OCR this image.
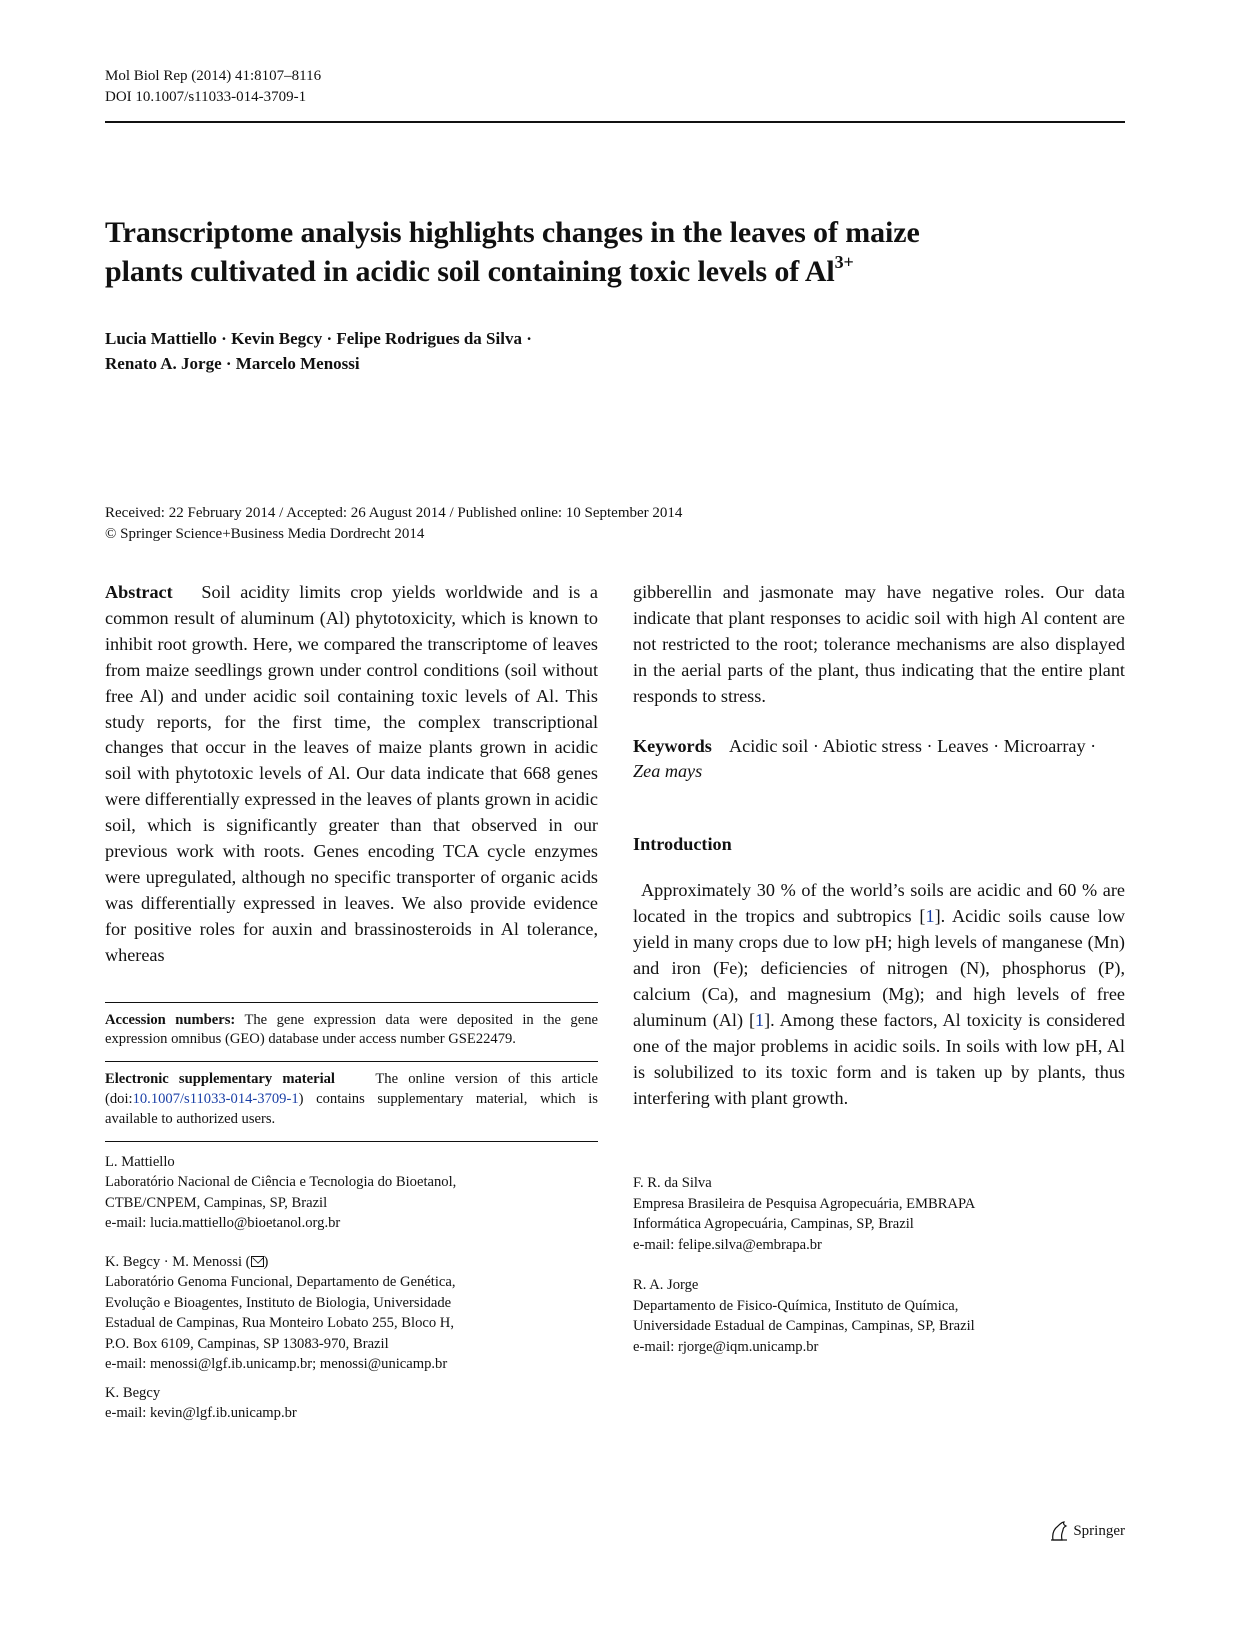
Mol Biol Rep (2014) 41:8107–8116
DOI 10.1007/s11033-014-3709-1
Transcriptome analysis highlights changes in the leaves of maize
plants cultivated in acidic soil containing toxic levels of $Al^{3+}$
Lucia Mattiello · Kevin Begcy · Felipe Rodrigues da Silva ·
Renato A. Jorge · Marcelo Menossi
Received: 22 February 2014 / Accepted: 26 August 2014 / Published online: 10 September 2014
© Springer Science+Business Media Dordrecht 2014

Abstract Soil acidity limits crop yields worldwide and is a common result of aluminum (Al) phytotoxicity, which is known to inhibit root growth. Here, we compared the transcriptome of leaves from maize seedlings grown under control conditions (soil without free Al) and under acidic soil containing toxic levels of Al. This study reports, for the first time, the complex transcriptional changes that occur in the leaves of maize plants grown in acidic soil with phytotoxic levels of Al. Our data indicate that 668 genes were differentially expressed in the leaves of plants grown in acidic soil, which is significantly greater than that observed in our previous work with roots. Genes encoding TCA cycle enzymes were upregulated, although no specific transporter of organic acids was differentially expressed in leaves. We also provide evidence for positive roles for auxin and brassinosteroids in Al tolerance, whereas

Accession numbers: The gene expression data were deposited in the gene expression omnibus (GEO) database under access number GSE22479.

Electronic supplementary material	The online version of this article (doi:10.1007/s11033-014-3709-1) contains supplementary material, which is available to authorized users.

L. Mattiello

Laboratório Nacional de Ciência e Tecnologia do Bioetanol,

CTBE/CNPEM, Campinas, SP, Brazil

e-mail: lucia.mattiello@bioetanol.org.br

K. Begcy · M. Menossi ( )

Laboratório Genoma Funcional, Departamento de Genética,

Evolução e Bioagentes, Instituto de Biologia, Universidade

Estadual de Campinas, Rua Monteiro Lobato 255, Bloco H,

P.O. Box 6109, Campinas, SP 13083-970, Brazil

e-mail: menossi@lgf.ib.unicamp.br; menossi@unicamp.br

K. Begcy

e-mail: kevin@lgf.ib.unicamp.br

gibberellin and jasmonate may have negative roles. Our data indicate that plant responses to acidic soil with high Al content are not restricted to the root; tolerance mechanisms are also displayed in the aerial parts of the plant, thus indicating that the entire plant responds to stress.

Keywords Acidic soil · Abiotic stress · Leaves · Microarray · Zea mays

Introduction

Approximately 30 % of the world’s soils are acidic and 60 % are located in the tropics and subtropics [1]. Acidic soils cause low yield in many crops due to low pH; high levels of manganese (Mn) and iron (Fe); deficiencies of nitrogen (N), phosphorus (P), calcium (Ca), and magnesium (Mg); and high levels of free aluminum (Al) [1]. Among these factors, Al toxicity is considered one of the major problems in acidic soils. In soils with low pH, Al is solubilized to its toxic form and is taken up by plants, thus interfering with plant growth.

F. R. da Silva

Empresa Brasileira de Pesquisa Agropecuária, EMBRAPA

Informática Agropecuária, Campinas, SP, Brazil

e-mail: felipe.silva@embrapa.br

R. A. Jorge

Departamento de Fisico-Química, Instituto de Química,

Universidade Estadual de Campinas, Campinas, SP, Brazil

e-mail: rjorge@iqm.unicamp.br

Springer
